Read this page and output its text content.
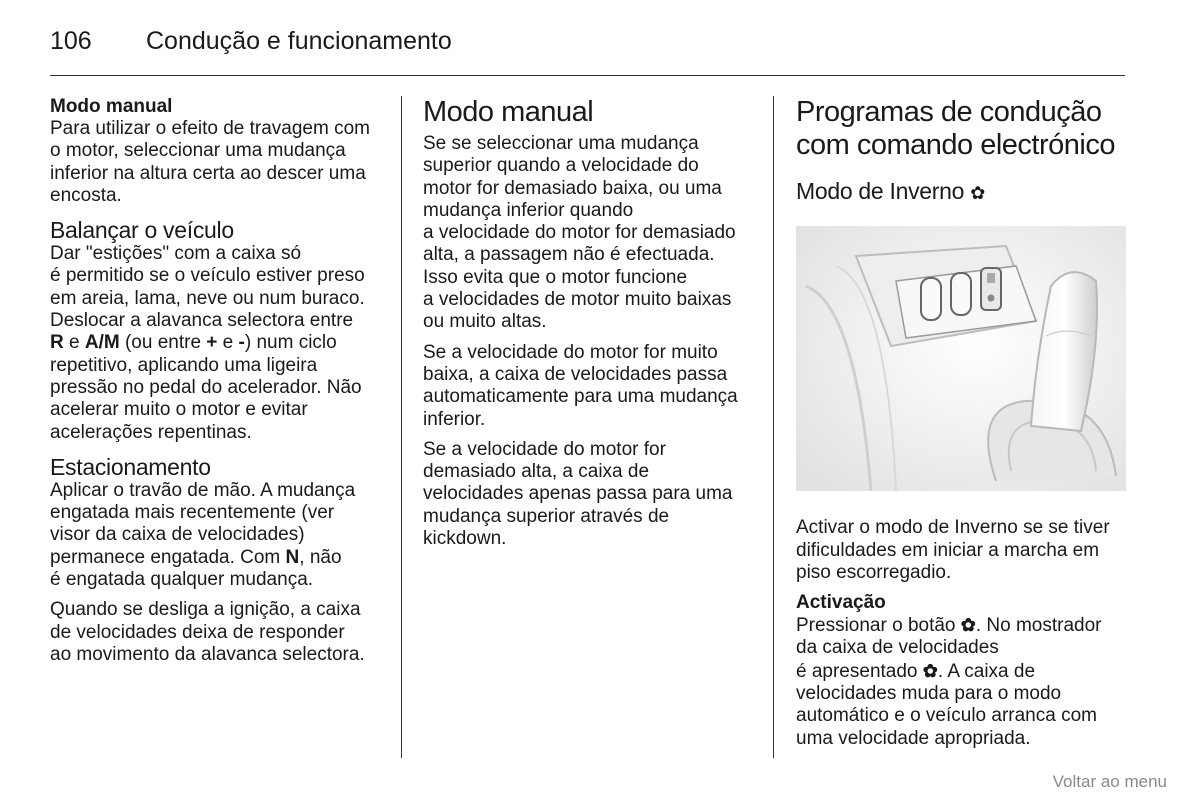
106	Condução e funcionamento
Modo manual

Para utilizar o efeito de travagem com
o motor, seleccionar uma mudança
inferior na altura certa ao descer uma
encosta.

Balançar o veículo

Dar "estições" com a caixa só
é permitido se o veículo estiver preso
em areia, lama, neve ou num buraco.
Deslocar a alavanca selectora entre
R e A/M (ou entre + e -) num ciclo
repetitivo, aplicando uma ligeira
pressão no pedal do acelerador. Não
acelerar muito o motor e evitar
acelerações repentinas.

Estacionamento

Aplicar o travão de mão. A mudança
engatada mais recentemente (ver
visor da caixa de velocidades)
permanece engatada. Com N, não
é engatada qualquer mudança.

Quando se desliga a ignição, a caixa
de velocidades deixa de responder
ao movimento da alavanca selectora.

Modo manual

Se se seleccionar uma mudança
superior quando a velocidade do
motor for demasiado baixa, ou uma
mudança inferior quando
a velocidade do motor for demasiado
alta, a passagem não é efectuada.
Isso evita que o motor funcione
a velocidades de motor muito baixas
ou muito altas.

Se a velocidade do motor for muito
baixa, a caixa de velocidades passa
automaticamente para uma mudança
inferior.

Se a velocidade do motor for
demasiado alta, a caixa de
velocidades apenas passa para uma
mudança superior através de
kickdown.

Programas de condução
com comando electrónico
Modo de Inverno ✿

Activar o modo de Inverno se se tiver
dificuldades em iniciar a marcha em
piso escorregadio.

Activação

Pressionar o botão ✿. No mostrador
da caixa de velocidades
é apresentado ✿. A caixa de
velocidades muda para o modo
automático e o veículo arranca com
uma velocidade apropriada.

Voltar ao menu
